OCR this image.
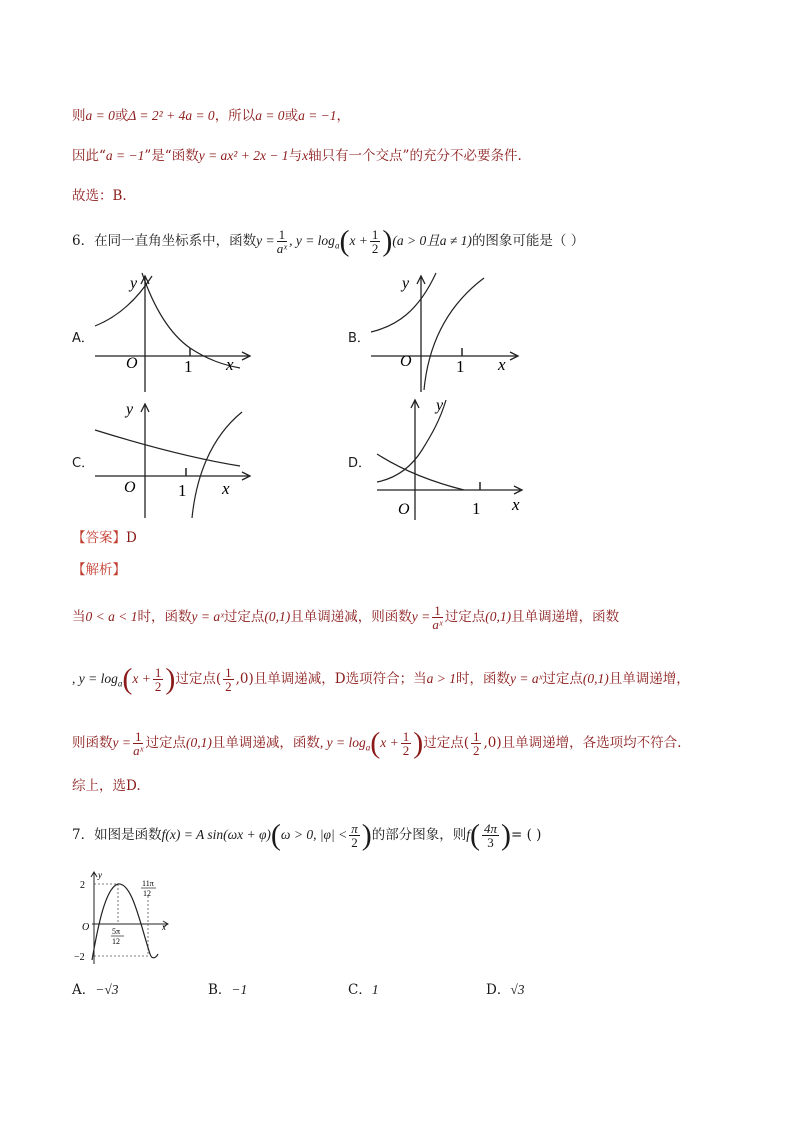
则a = 0或Δ = 2² + 4a = 0，所以a = 0或a = −1，
因此“a = −1”是“函数y = ax² + 2x − 1与x轴只有一个交点”的充分不必要条件.
故选：B.
6．在同一直角坐标系中，函数$y = \frac{1}{\text{aˣ}}$ , $y = \log_a(x + \frac{1}{2} )(a > 0$且a ≠ 1)的图象可能是（ ）
A．
y
O	1 x
B．
y
O	1 x
C．
y
O 1 x
D．
y
O	1 x
【答案】D
【解析】
当0 < a < 1时，函数y = aˣ过定点(0,1)且单调递减，则函数$y = \frac{1}{\text{aˣ}}$ 过定点(0,1)且单调递增，函数
, $y = \log_a(x + \frac{1}{2}$ )过定点( $\frac{1}{2} ,0$)且单调递减，D选项符合；当a > 1时，函数y = aˣ过定点(0,1)且单调递增，
则函数$y = \frac{1}{\text{aˣ}}$ 过定点(0,1)且单调递减，函数, $y = \log_a(x + \frac{1}{2}$ )过定点( $\frac{1}{2} ,0$)且单调递增，各选项均不符合.
综上，选D.
7．如图是函数f(x) = A sin(ωx + φ)(ω > 0, $|\varphi| < \frac{\pi}{2}$ )的部分图象，则$f( \frac{4\pi}{3}$ )= ( )
2
−2
O	x
y
5π
12
11π
12
A．−√3	B．−1	C．1	D．√3
